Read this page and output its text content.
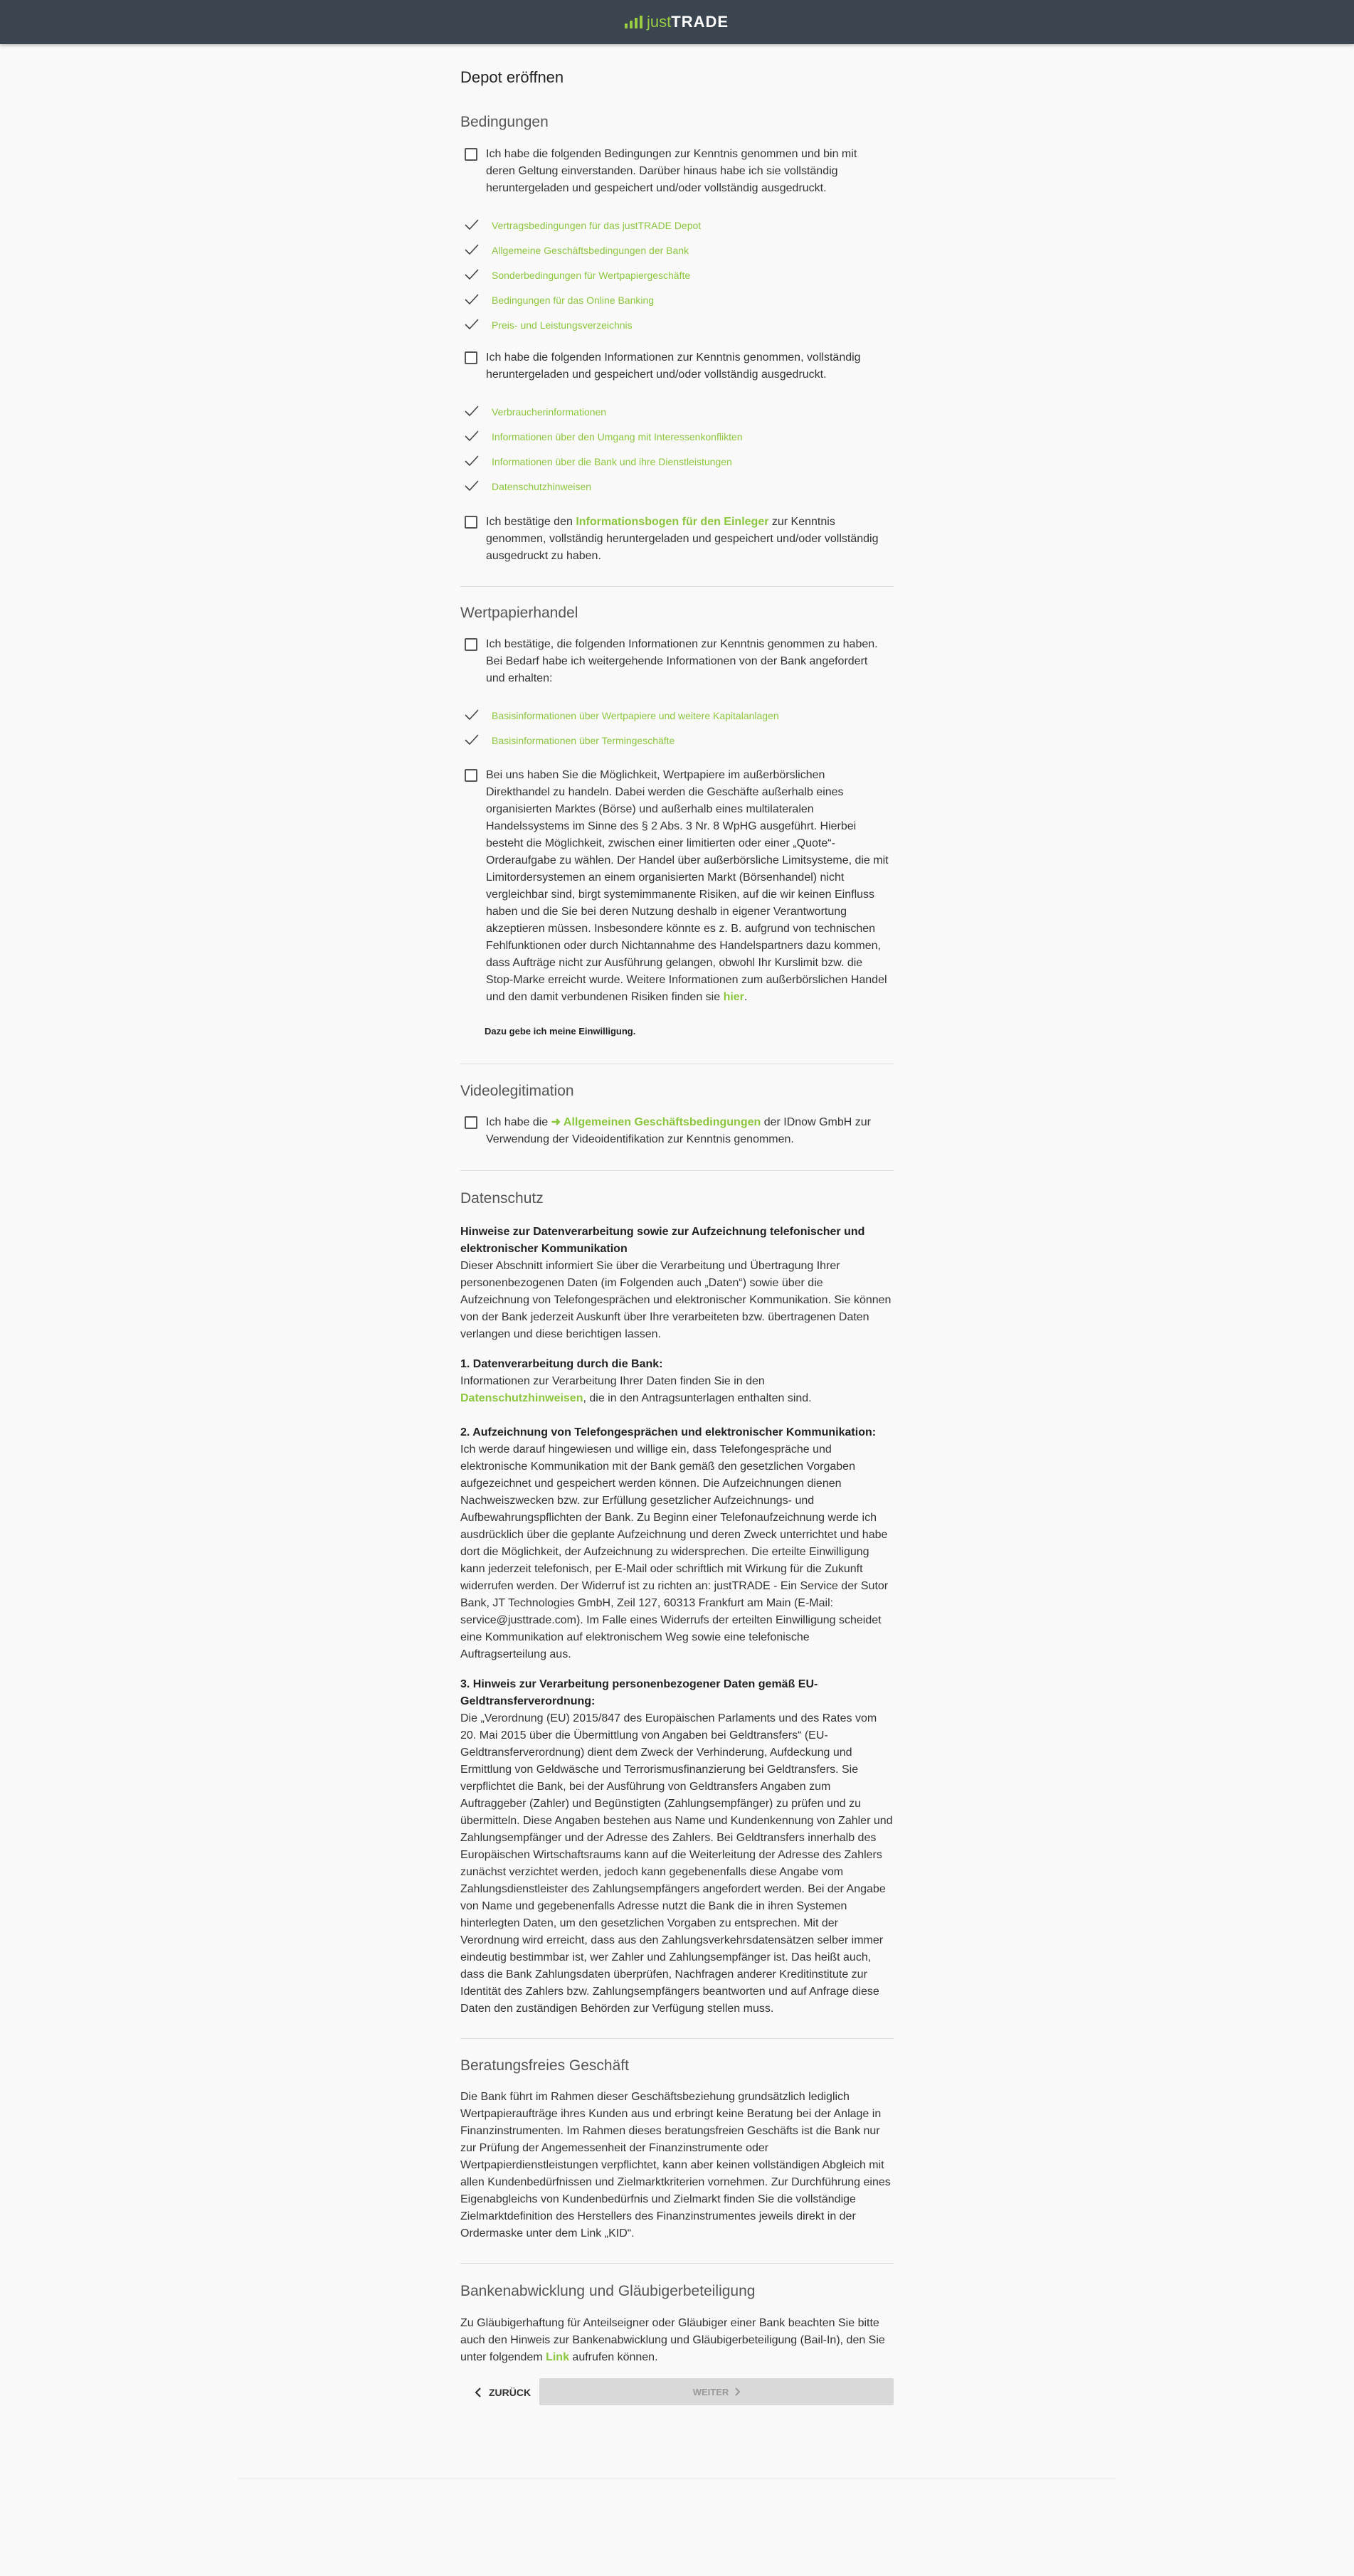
just TRADE
Depot eröffnen
Bedingungen
Ich habe die folgenden Bedingungen zur Kenntnis genommen und bin mit deren Geltung einverstanden. Darüber hinaus habe ich sie vollständig heruntergeladen und gespeichert und/oder vollständig ausgedruckt.
Vertragsbedingungen für das justTRADE Depot
Allgemeine Geschäftsbedingungen der Bank
Sonderbedingungen für Wertpapiergeschäfte
Bedingungen für das Online Banking
Preis- und Leistungsverzeichnis
Ich habe die folgenden Informationen zur Kenntnis genommen, vollständig heruntergeladen und gespeichert und/oder vollständig ausgedruckt.
Verbraucherinformationen
Informationen über den Umgang mit Interessenkonflikten
Informationen über die Bank und ihre Dienstleistungen
Datenschutzhinweisen
Ich bestätige den Informationsbogen für den Einleger zur Kenntnis genommen, vollständig heruntergeladen und gespeichert und/oder vollständig ausgedruckt zu haben.
Wertpapierhandel
Ich bestätige, die folgenden Informationen zur Kenntnis genommen zu haben. Bei Bedarf habe ich weitergehende Informationen von der Bank angefordert und erhalten:
Basisinformationen über Wertpapiere und weitere Kapitalanlagen
Basisinformationen über Termingeschäfte
Bei uns haben Sie die Möglichkeit, Wertpapiere im außerbörslichen Direkthandel zu handeln. Dabei werden die Geschäfte außerhalb eines organisierten Marktes (Börse) und außerhalb eines multilateralen Handelssystems im Sinne des § 2 Abs. 3 Nr. 8 WpHG ausgeführt. Hierbei besteht die Möglichkeit, zwischen einer limitierten oder einer „Quote“-Orderaufgabe zu wählen. Der Handel über außerbörsliche Limitsysteme, die mit Limitordersystemen an einem organisierten Markt (Börsenhandel) nicht vergleichbar sind, birgt systemimmanente Risiken, auf die wir keinen Einfluss haben und die Sie bei deren Nutzung deshalb in eigener Verantwortung akzeptieren müssen. Insbesondere könnte es z. B. aufgrund von technischen Fehlfunktionen oder durch Nichtannahme des Handelspartners dazu kommen, dass Aufträge nicht zur Ausführung gelangen, obwohl Ihr Kurslimit bzw. die Stop-Marke erreicht wurde. Weitere Informationen zum außerbörslichen Handel und den damit verbundenen Risiken finden sie hier.
Dazu gebe ich meine Einwilligung.
Videolegitimation
Ich habe die ➜ Allgemeinen Geschäftsbedingungen der IDnow GmbH zur Verwendung der Videoidentifikation zur Kenntnis genommen.
Datenschutz
Hinweise zur Datenverarbeitung sowie zur Aufzeichnung telefonischer und elektronischer Kommunikation
Dieser Abschnitt informiert Sie über die Verarbeitung und Übertragung Ihrer personenbezogenen Daten (im Folgenden auch „Daten“) sowie über die Aufzeichnung von Telefongesprächen und elektronischer Kommunikation. Sie können von der Bank jederzeit Auskunft über Ihre verarbeiteten bzw. übertragenen Daten verlangen und diese berichtigen lassen.
1. Datenverarbeitung durch die Bank:
Informationen zur Verarbeitung Ihrer Daten finden Sie in den Datenschutzhinweisen, die in den Antragsunterlagen enthalten sind.
2. Aufzeichnung von Telefongesprächen und elektronischer Kommunikation:
Ich werde darauf hingewiesen und willige ein, dass Telefongespräche und elektronische Kommunikation mit der Bank gemäß den gesetzlichen Vorgaben aufgezeichnet und gespeichert werden können. Die Aufzeichnungen dienen Nachweiszwecken bzw. zur Erfüllung gesetzlicher Aufzeichnungs- und Aufbewahrungspflichten der Bank. Zu Beginn einer Telefonaufzeichnung werde ich ausdrücklich über die geplante Aufzeichnung und deren Zweck unterrichtet und habe dort die Möglichkeit, der Aufzeichnung zu widersprechen. Die erteilte Einwilligung kann jederzeit telefonisch, per E-Mail oder schriftlich mit Wirkung für die Zukunft widerrufen werden. Der Widerruf ist zu richten an: justTRADE - Ein Service der Sutor Bank, JT Technologies GmbH, Zeil 127, 60313 Frankfurt am Main (E-Mail: service@justtrade.com). Im Falle eines Widerrufs der erteilten Einwilligung scheidet eine Kommunikation auf elektronischem Weg sowie eine telefonische Auftragserteilung aus.
3. Hinweis zur Verarbeitung personenbezogener Daten gemäß EU-Geldtransferverordnung:
Die „Verordnung (EU) 2015/847 des Europäischen Parlaments und des Rates vom 20. Mai 2015 über die Übermittlung von Angaben bei Geldtransfers“ (EU-Geldtransferverordnung) dient dem Zweck der Verhinderung, Aufdeckung und Ermittlung von Geldwäsche und Terrorismusfinanzierung bei Geldtransfers. Sie verpflichtet die Bank, bei der Ausführung von Geldtransfers Angaben zum Auftraggeber (Zahler) und Begünstigten (Zahlungsempfänger) zu prüfen und zu übermitteln. Diese Angaben bestehen aus Name und Kundenkennung von Zahler und Zahlungsempfänger und der Adresse des Zahlers. Bei Geldtransfers innerhalb des Europäischen Wirtschaftsraums kann auf die Weiterleitung der Adresse des Zahlers zunächst verzichtet werden, jedoch kann gegebenenfalls diese Angabe vom Zahlungsdienstleister des Zahlungsempfängers angefordert werden. Bei der Angabe von Name und gegebenenfalls Adresse nutzt die Bank die in ihren Systemen hinterlegten Daten, um den gesetzlichen Vorgaben zu entsprechen. Mit der Verordnung wird erreicht, dass aus den Zahlungsverkehrsdatensätzen selber immer eindeutig bestimmbar ist, wer Zahler und Zahlungsempfänger ist. Das heißt auch, dass die Bank Zahlungsdaten überprüfen, Nachfragen anderer Kreditinstitute zur Identität des Zahlers bzw. Zahlungsempfängers beantworten und auf Anfrage diese Daten den zuständigen Behörden zur Verfügung stellen muss.
Beratungsfreies Geschäft
Die Bank führt im Rahmen dieser Geschäftsbeziehung grundsätzlich lediglich Wertpapieraufträge ihres Kunden aus und erbringt keine Beratung bei der Anlage in Finanzinstrumenten. Im Rahmen dieses beratungsfreien Geschäfts ist die Bank nur zur Prüfung der Angemessenheit der Finanzinstrumente oder Wertpapierdienstleistungen verpflichtet, kann aber keinen vollständigen Abgleich mit allen Kundenbedürfnissen und Zielmarktkriterien vornehmen. Zur Durchführung eines Eigenabgleichs von Kundenbedürfnis und Zielmarkt finden Sie die vollständige Zielmarktdefinition des Herstellers des Finanzinstrumentes jeweils direkt in der Ordermaske unter dem Link „KID“.
Bankenabwicklung und Gläubigerbeteiligung
Zu Gläubigerhaftung für Anteilseigner oder Gläubiger einer Bank beachten Sie bitte auch den Hinweis zur Bankenabwicklung und Gläubigerbeteiligung (Bail-In), den Sie unter folgendem Link aufrufen können.
ZURÜCK	WEITER
